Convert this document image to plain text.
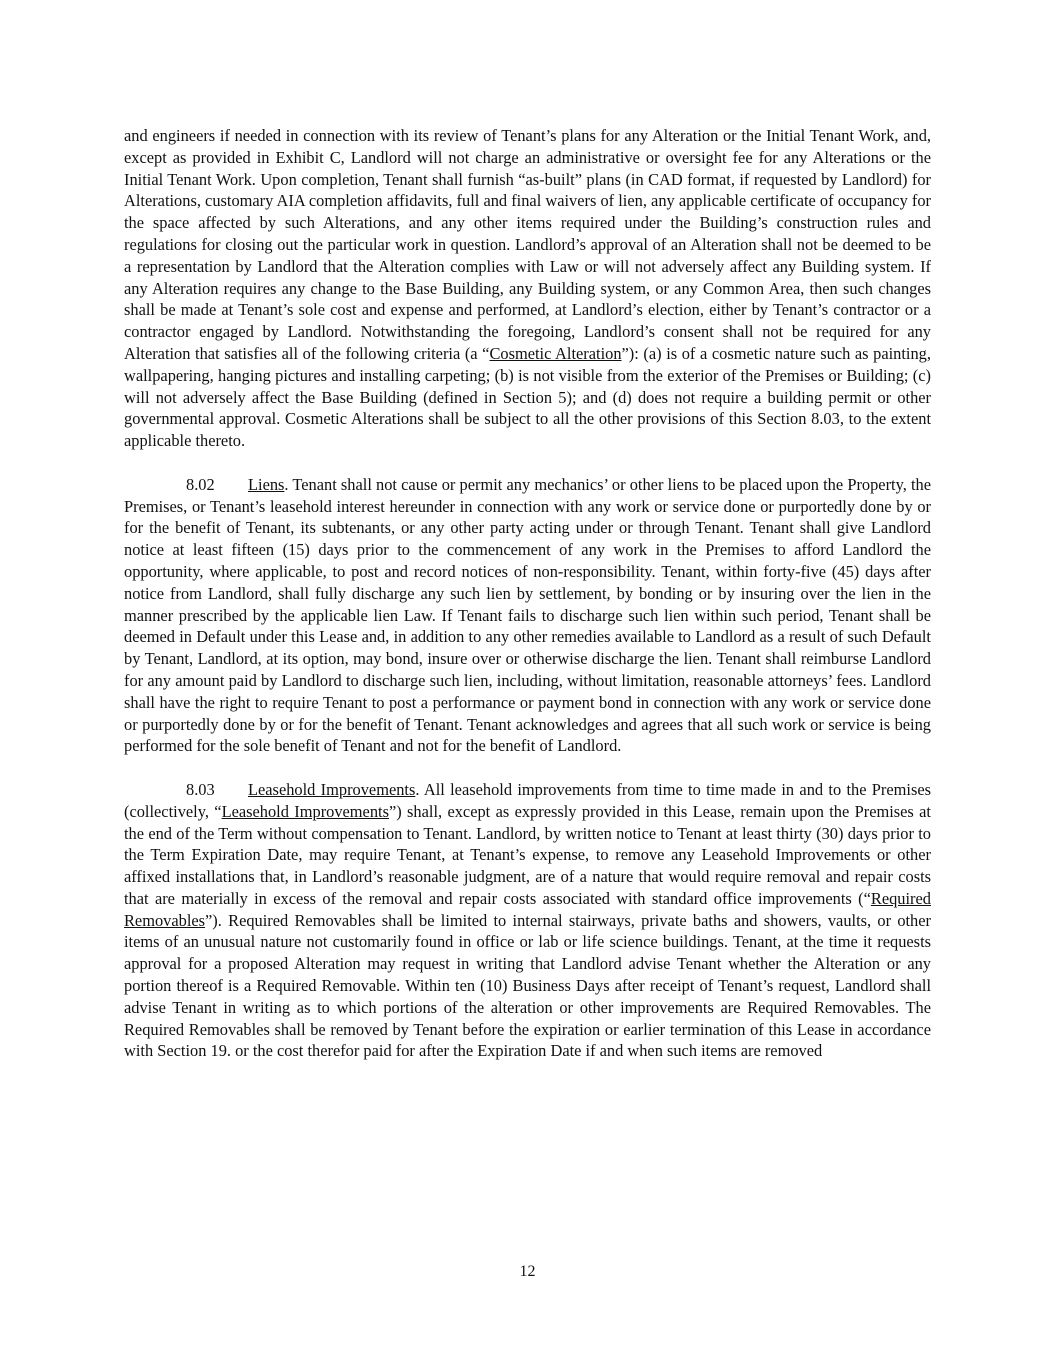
and engineers if needed in connection with its review of Tenant’s plans for any Alteration or the Initial Tenant Work, and, except as provided in Exhibit C, Landlord will not charge an administrative or oversight fee for any Alterations or the Initial Tenant Work. Upon completion, Tenant shall furnish “as-built” plans (in CAD format, if requested by Landlord) for Alterations, customary AIA completion affidavits, full and final waivers of lien, any applicable certificate of occupancy for the space affected by such Alterations, and any other items required under the Building’s construction rules and regulations for closing out the particular work in question. Landlord’s approval of an Alteration shall not be deemed to be a representation by Landlord that the Alteration complies with Law or will not adversely affect any Building system. If any Alteration requires any change to the Base Building, any Building system, or any Common Area, then such changes shall be made at Tenant’s sole cost and expense and performed, at Landlord’s election, either by Tenant’s contractor or a contractor engaged by Landlord. Notwithstanding the foregoing, Landlord’s consent shall not be required for any Alteration that satisfies all of the following criteria (a “Cosmetic Alteration”): (a) is of a cosmetic nature such as painting, wallpapering, hanging pictures and installing carpeting; (b) is not visible from the exterior of the Premises or Building; (c) will not adversely affect the Base Building (defined in Section 5); and (d) does not require a building permit or other governmental approval. Cosmetic Alterations shall be subject to all the other provisions of this Section 8.03, to the extent applicable thereto.

8.02 Liens. Tenant shall not cause or permit any mechanics’ or other liens to be placed upon the Property, the Premises, or Tenant’s leasehold interest hereunder in connection with any work or service done or purportedly done by or for the benefit of Tenant, its subtenants, or any other party acting under or through Tenant. Tenant shall give Landlord notice at least fifteen (15) days prior to the commencement of any work in the Premises to afford Landlord the opportunity, where applicable, to post and record notices of non-responsibility. Tenant, within forty-five (45) days after notice from Landlord, shall fully discharge any such lien by settlement, by bonding or by insuring over the lien in the manner prescribed by the applicable lien Law. If Tenant fails to discharge such lien within such period, Tenant shall be deemed in Default under this Lease and, in addition to any other remedies available to Landlord as a result of such Default by Tenant, Landlord, at its option, may bond, insure over or otherwise discharge the lien. Tenant shall reimburse Landlord for any amount paid by Landlord to discharge such lien, including, without limitation, reasonable attorneys’ fees. Landlord shall have the right to require Tenant to post a performance or payment bond in connection with any work or service done or purportedly done by or for the benefit of Tenant. Tenant acknowledges and agrees that all such work or service is being performed for the sole benefit of Tenant and not for the benefit of Landlord.

8.03 Leasehold Improvements. All leasehold improvements from time to time made in and to the Premises (collectively, “Leasehold Improvements”) shall, except as expressly provided in this Lease, remain upon the Premises at the end of the Term without compensation to Tenant. Landlord, by written notice to Tenant at least thirty (30) days prior to the Term Expiration Date, may require Tenant, at Tenant’s expense, to remove any Leasehold Improvements or other affixed installations that, in Landlord’s reasonable judgment, are of a nature that would require removal and repair costs that are materially in excess of the removal and repair costs associated with standard office improvements (“Required Removables”). Required Removables shall be limited to internal stairways, private baths and showers, vaults, or other items of an unusual nature not customarily found in office or lab or life science buildings. Tenant, at the time it requests approval for a proposed Alteration may request in writing that Landlord advise Tenant whether the Alteration or any portion thereof is a Required Removable. Within ten (10) Business Days after receipt of Tenant’s request, Landlord shall advise Tenant in writing as to which portions of the alteration or other improvements are Required Removables. The Required Removables shall be removed by Tenant before the expiration or earlier termination of this Lease in accordance with Section 19. or the cost therefor paid for after the Expiration Date if and when such items are removed

12
